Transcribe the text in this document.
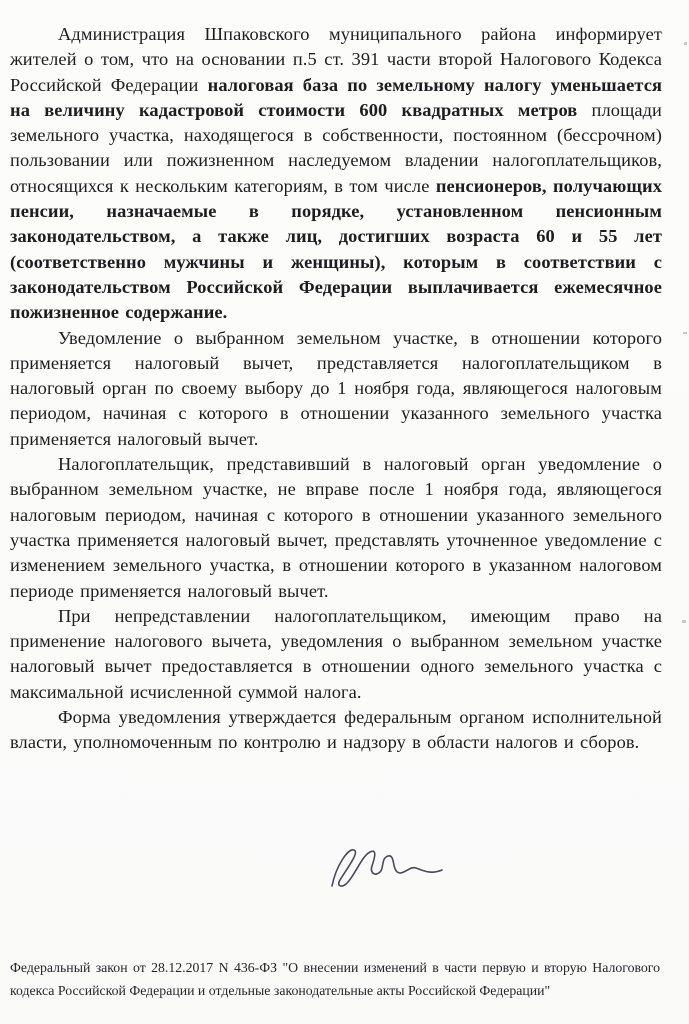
Администрация Шпаковского муниципального района информирует жителей о том, что на основании п.5 ст. 391 части второй Налогового Кодекса Российской Федерации налоговая база по земельному налогу уменьшается на величину кадастровой стоимости 600 квадратных метров площади земельного участка, находящегося в собственности, постоянном (бессрочном) пользовании или пожизненном наследуемом владении налогоплательщиков, относящихся к нескольким категориям, в том числе пенсионеров, получающих пенсии, назначаемые в порядке, установленном пенсионным законодательством, а также лиц, достигших возраста 60 и 55 лет (соответственно мужчины и женщины), которым в соответствии с законодательством Российской Федерации выплачивается ежемесячное пожизненное содержание.

Уведомление о выбранном земельном участке, в отношении которого применяется налоговый вычет, представляется налогоплательщиком в налоговый орган по своему выбору до 1 ноября года, являющегося налоговым периодом, начиная с которого в отношении указанного земельного участка применяется налоговый вычет.

Налогоплательщик, представивший в налоговый орган уведомление о выбранном земельном участке, не вправе после 1 ноября года, являющегося налоговым периодом, начиная с которого в отношении указанного земельного участка применяется налоговый вычет, представлять уточненное уведомление с изменением земельного участка, в отношении которого в указанном налоговом периоде применяется налоговый вычет.

При непредставлении налогоплательщиком, имеющим право на применение налогового вычета, уведомления о выбранном земельном участке налоговый вычет предоставляется в отношении одного земельного участка с максимальной исчисленной суммой налога.

Форма уведомления утверждается федеральным органом исполнительной власти, уполномоченным по контролю и надзору в области налогов и сборов.

Федеральный закон от 28.12.2017 N 436-ФЗ "О внесении изменений в части первую и вторую Налогового кодекса Российской Федерации и отдельные законодательные акты Российской Федерации"
